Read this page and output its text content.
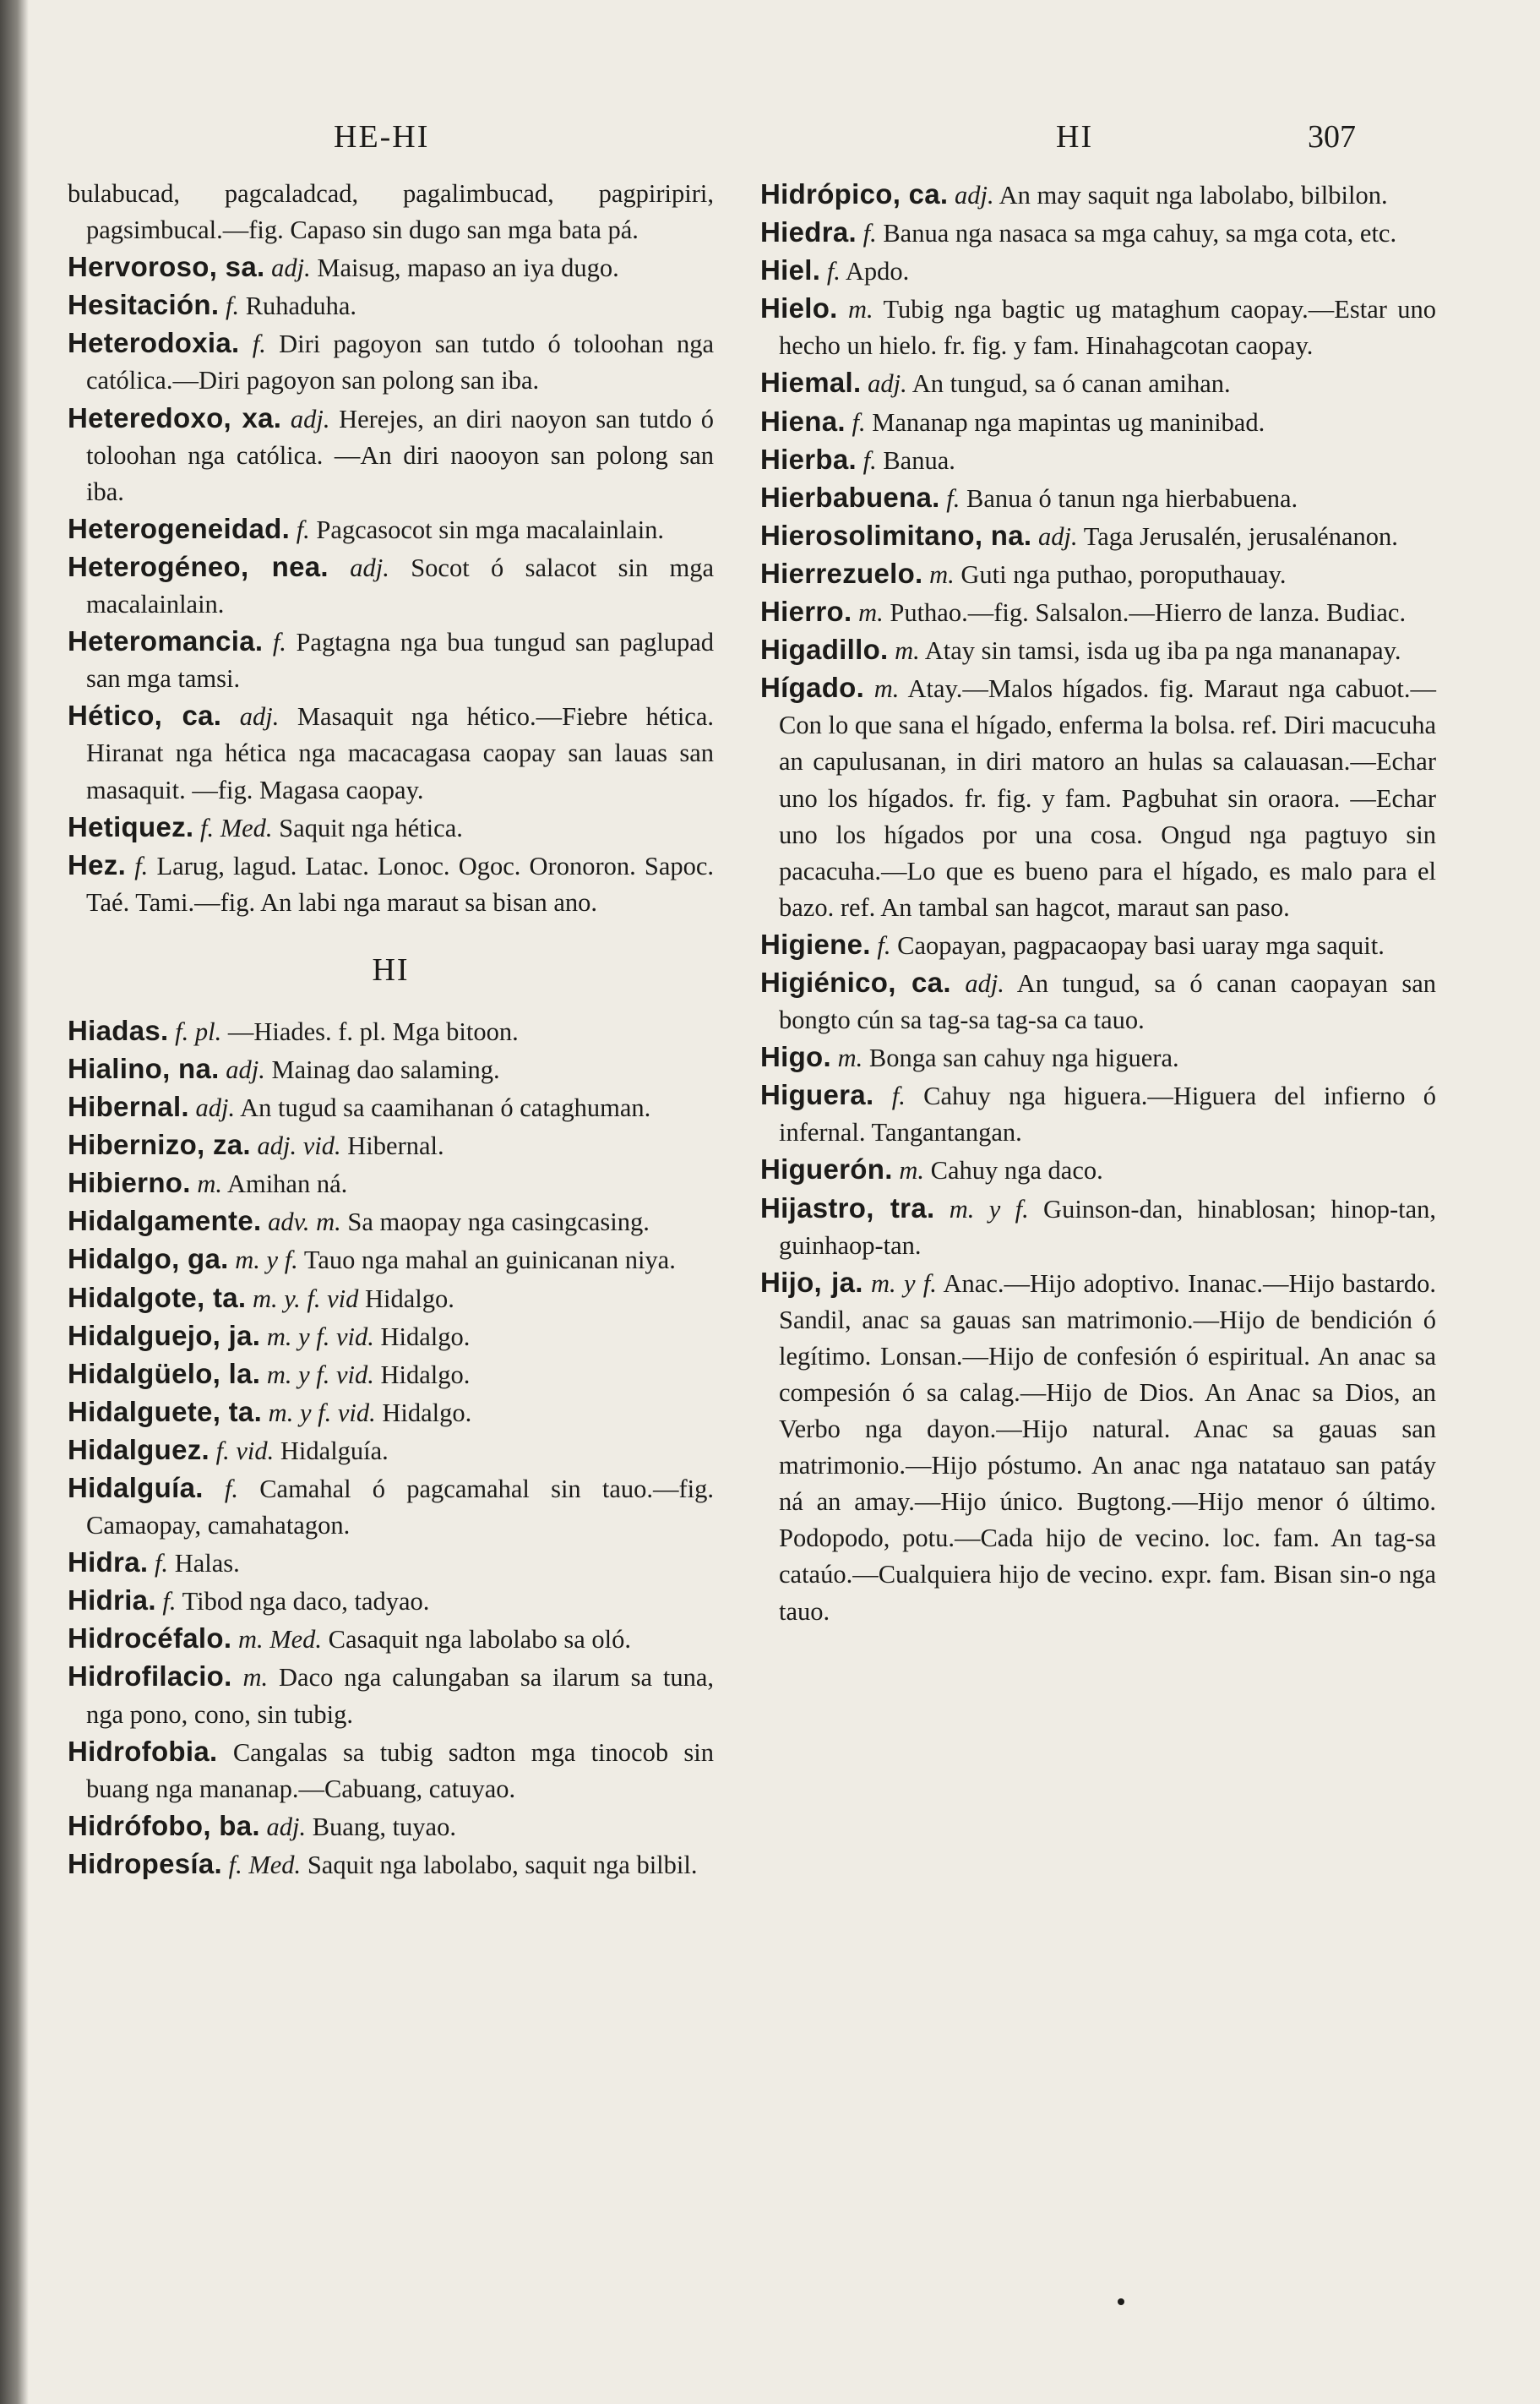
HE-HI	HI	307

bulabucad, pagcaladcad, pagalimbucad, pagpiripiri, pagsimbucal.—fig. Capaso sin dugo san mga bata pá.

Hervoroso, sa. adj. Maisug, mapaso an iya dugo.

Hesitación. f. Ruhaduha.

Heterodoxia. f. Diri pagoyon san tutdo ó toloohan nga católica.—Diri pagoyon san polong san iba.

Heteredoxo, xa. adj. Herejes, an diri naoyon san tutdo ó toloohan nga católica. —An diri naooyon san polong san iba.

Heterogeneidad. f. Pagcasocot sin mga macalainlain.

Heterogéneo, nea. adj. Socot ó salacot sin mga macalainlain.

Heteromancia. f. Pagtagna nga bua tungud san paglupad san mga tamsi.

Hético, ca. adj. Masaquit nga hético.—Fiebre hética. Hiranat nga hética nga macacagasa caopay san lauas san masaquit. —fig. Magasa caopay.

Hetiquez. f. Med. Saquit nga hética.

Hez. f. Larug, lagud. Latac. Lonoc. Ogoc. Oronoron. Sapoc. Taé. Tami.—fig. An labi nga maraut sa bisan ano.

HI

Hiadas. f. pl. —Hiades. f. pl. Mga bitoon.

Hialino, na. adj. Mainag dao salaming.

Hibernal. adj. An tugud sa caamihanan ó cataghuman.

Hibernizo, za. adj. vid. Hibernal.

Hibierno. m. Amihan ná.

Hidalgamente. adv. m. Sa maopay nga casingcasing.

Hidalgo, ga. m. y f. Tauo nga mahal an guinicanan niya.

Hidalgote, ta. m. y. f. vid Hidalgo.

Hidalguejo, ja. m. y f. vid. Hidalgo.

Hidalgüelo, la. m. y f. vid. Hidalgo.

Hidalguete, ta. m. y f. vid. Hidalgo.

Hidalguez. f. vid. Hidalguía.

Hidalguía. f. Camahal ó pagcamahal sin tauo.—fig. Camaopay, camahatagon.

Hidra. f. Halas.

Hidria. f. Tibod nga daco, tadyao.

Hidrocéfalo. m. Med. Casaquit nga labolabo sa oló.

Hidrofilacio. m. Daco nga calungaban sa ilarum sa tuna, nga pono, cono, sin tubig.

Hidrofobia. Cangalas sa tubig sadton mga tinocob sin buang nga mananap.—Cabuang, catuyao.

Hidrófobo, ba. adj. Buang, tuyao.

Hidropesía. f. Med. Saquit nga labolabo, saquit nga bilbil.

Hidrópico, ca. adj. An may saquit nga labolabo, bilbilon.

Hiedra. f. Banua nga nasaca sa mga cahuy, sa mga cota, etc.

Hiel. f. Apdo.

Hielo. m. Tubig nga bagtic ug mataghum caopay.—Estar uno hecho un hielo. fr. fig. y fam. Hinahagcotan caopay.

Hiemal. adj. An tungud, sa ó canan amihan.

Hiena. f. Mananap nga mapintas ug maninibad.

Hierba. f. Banua.

Hierbabuena. f. Banua ó tanun nga hierbabuena.

Hierosolimitano, na. adj. Taga Jerusalén, jerusalénanon.

Hierrezuelo. m. Guti nga puthao, poroputhauay.

Hierro. m. Puthao.—fig. Salsalon.—Hierro de lanza. Budiac.

Higadillo. m. Atay sin tamsi, isda ug iba pa nga mananapay.

Hígado. m. Atay.—Malos hígados. fig. Maraut nga cabuot.—Con lo que sana el hígado, enferma la bolsa. ref. Diri macucuha an capulusanan, in diri matoro an hulas sa calauasan.—Echar uno los hígados. fr. fig. y fam. Pagbuhat sin oraora. —Echar uno los hígados por una cosa. Ongud nga pagtuyo sin pacacuha.—Lo que es bueno para el hígado, es malo para el bazo. ref. An tambal san hagcot, maraut san paso.

Higiene. f. Caopayan, pagpacaopay basi uaray mga saquit.

Higiénico, ca. adj. An tungud, sa ó canan caopayan san bongto cún sa tag-sa tag-sa ca tauo.

Higo. m. Bonga san cahuy nga higuera.

Higuera. f. Cahuy nga higuera.—Higuera del infierno ó infernal. Tangantangan.

Higuerón. m. Cahuy nga daco.

Hijastro, tra. m. y f. Guinson-dan, hinablosan; hinop-tan, guinhaop-tan.

Hijo, ja. m. y f. Anac.—Hijo adoptivo. Inanac.—Hijo bastardo. Sandil, anac sa gauas san matrimonio.—Hijo de bendición ó legítimo. Lonsan.—Hijo de confesión ó espiritual. An anac sa compesión ó sa calag.—Hijo de Dios. An Anac sa Dios, an Verbo nga dayon.—Hijo natural. Anac sa gauas san matrimonio.—Hijo póstumo. An anac nga natatauo san patáy ná an amay.—Hijo único. Bugtong.—Hijo menor ó último. Podopodo, potu.—Cada hijo de vecino. loc. fam. An tag-sa cataúo.—Cualquiera hijo de vecino. expr. fam. Bisan sin-o nga tauo.
